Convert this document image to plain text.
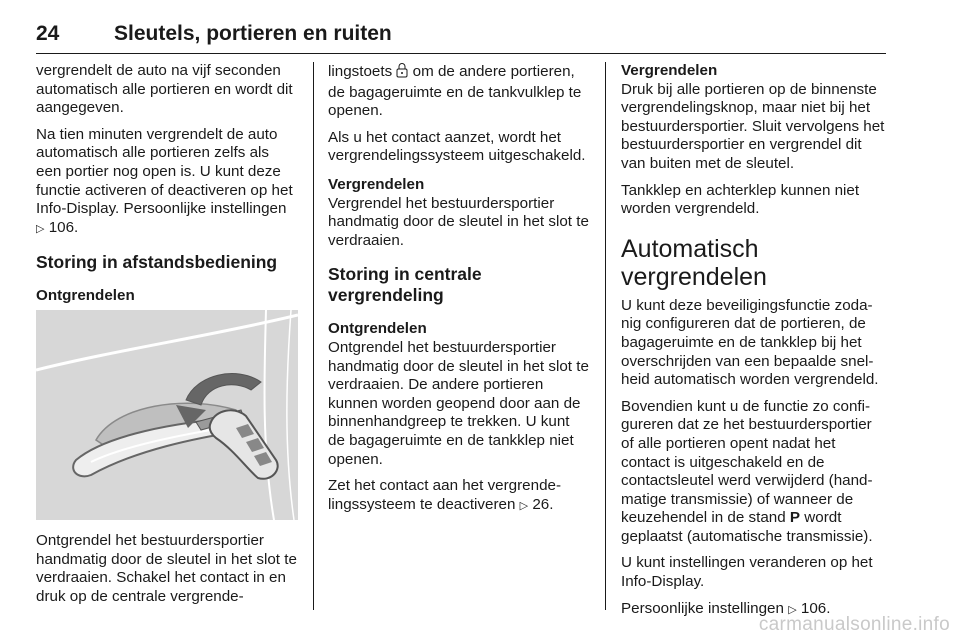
24	Sleutels, portieren en ruiten

vergrendelt de auto na vijf seconden automatisch alle portieren en wordt dit aangegeven.

Na tien minuten vergrendelt de auto automatisch alle portieren zelfs als een portier nog open is. U kunt deze functie activeren of deactiveren op het Info-Display. Persoonlijke instellingen ▷ 106.

Storing in afstandsbediening
Ontgrendelen

Ontgrendel het bestuurdersportier handmatig door de sleutel in het slot te verdraaien. Schakel het contact in en druk op de centrale vergrende-

lingstoets om de andere portieren, de bagageruimte en de tankvulklep te openen.

Als u het contact aanzet, wordt het vergrendelingssysteem uitgeschakeld.

Vergrendelen

Vergrendel het bestuurdersportier handmatig door de sleutel in het slot te verdraaien.

Storing in centrale vergrendeling
Ontgrendelen

Ontgrendel het bestuurdersportier handmatig door de sleutel in het slot te verdraaien. De andere portieren kunnen worden geopend door aan de binnenhandgreep te trekken. U kunt de bagageruimte en de tankklep niet openen.

Zet het contact aan het vergrendelingssysteem te deactiveren ▷ 26.

Vergrendelen

Druk bij alle portieren op de binnenste vergrendelingsknop, maar niet bij het bestuurdersportier. Sluit vervolgens het bestuurdersportier en vergrendel dit van buiten met de sleutel.

Tankklep en achterklep kunnen niet worden vergrendeld.

Automatisch vergrendelen

U kunt deze beveiligingsfunctie zodanig configureren dat de portieren, de bagageruimte en de tankklep bij het overschrijden van een bepaalde snelheid automatisch worden vergrendeld.

Bovendien kunt u de functie zo configureren dat ze het bestuurdersportier of alle portieren opent nadat het contact is uitgeschakeld en de contactsleutel werd verwijderd (handmatige transmissie) of wanneer de keuzehendel in de stand P wordt geplaatst (automatische transmissie).

U kunt instellingen veranderen op het Info-Display.

Persoonlijke instellingen ▷ 106.

carmanualsonline.info
